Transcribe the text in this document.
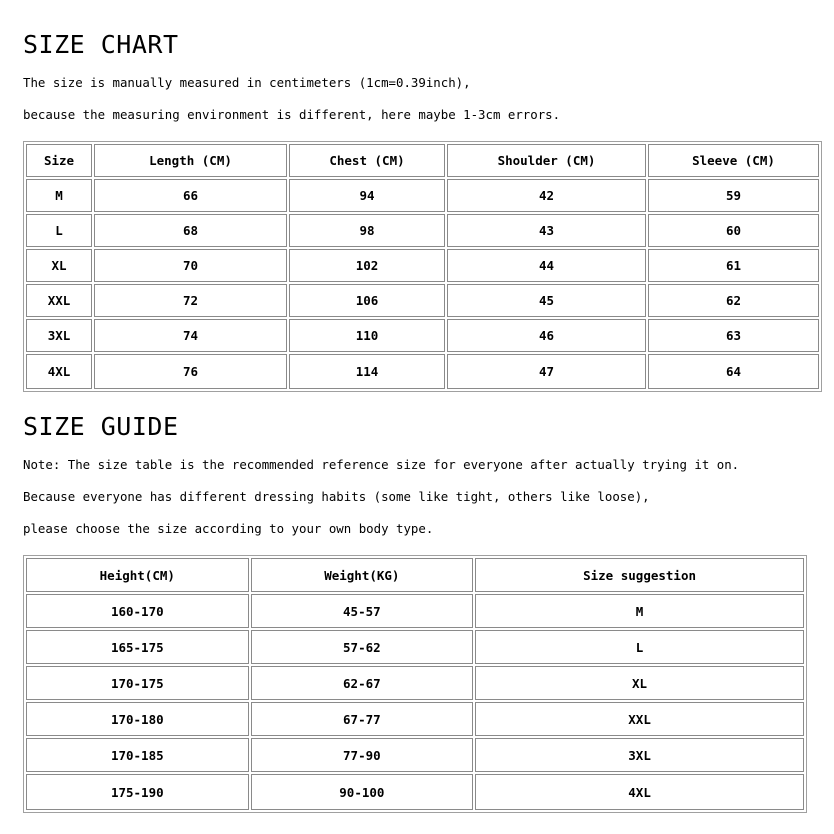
SIZE CHART

The size is manually measured in centimeters (1cm=0.39inch),

because the measuring environment is different, here maybe 1-3cm errors.

Size	Length (CM)	Chest (CM)	Shoulder (CM)	Sleeve (CM)
M	66	94	42	59
L	68	98	43	60
XL	70	102	44	61
XXL	72	106	45	62
3XL	74	110	46	63
4XL	76	114	47	64
SIZE GUIDE

Note: The size table is the recommended reference size for everyone after actually trying it on.

Because everyone has different dressing habits (some like tight, others like loose),

please choose the size according to your own body type.

Height(CM)	Weight(KG)	Size suggestion
160-170	45-57	M
165-175	57-62	L
170-175	62-67	XL
170-180	67-77	XXL
170-185	77-90	3XL
175-190	90-100	4XL
